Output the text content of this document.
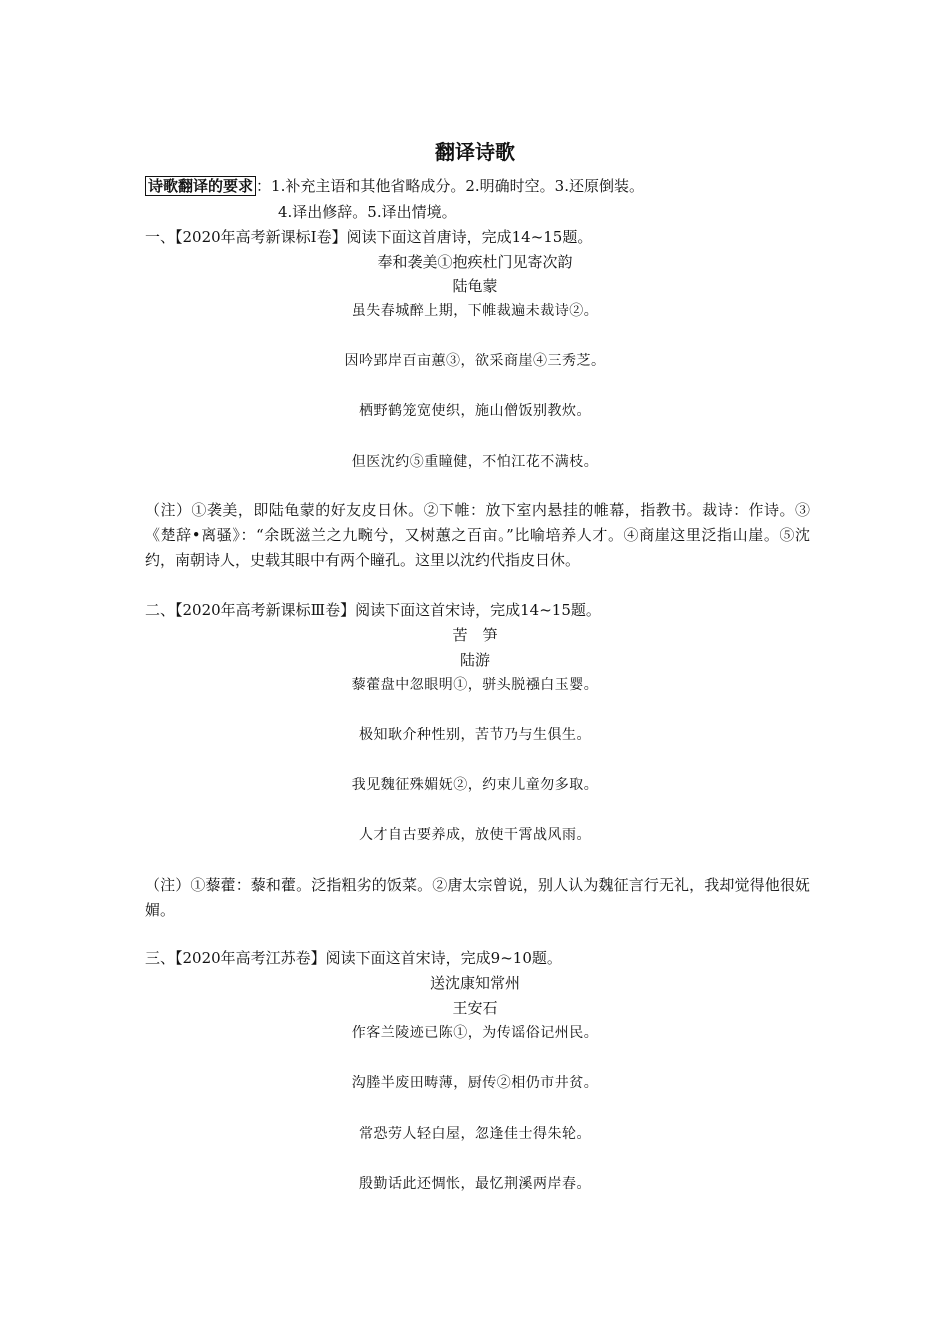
翻译诗歌
诗歌翻译的要求 ：1.补充主语和其他省略成分。2.明确时空。3.还原倒装。
4.译出修辞。5.译出情境。
一、【2020年高考新课标Ⅰ卷】阅读下面这首唐诗，完成14~15题。
奉和袭美①抱疾杜门见寄次韵
陆龟蒙
虽失春城醉上期，下帷裁遍未裁诗②。
因吟郢岸百亩蕙③，欲采商崖④三秀芝。
栖野鹤笼宽使织，施山僧饭别教炊。
但医沈约⑤重瞳健，不怕江花不满枝。
（注）①袭美，即陆龟蒙的好友皮日休。②下帷：放下室内悬挂的帷幕，指教书。裁诗：作诗。③《楚辞•离骚》：“余既滋兰之九畹兮，又树蕙之百亩。”比喻培养人才。④商崖这里泛指山崖。⑤沈约，南朝诗人，史载其眼中有两个瞳孔。这里以沈约代指皮日休。
二、【2020年高考新课标Ⅲ卷】阅读下面这首宋诗，完成14~15题。
苦　笋
陆游
藜藿盘中忽眼明①，骈头脱襁白玉婴。
极知耿介种性别，苦节乃与生俱生。
我见魏征殊媚妩②，约束儿童勿多取。
人才自古要养成，放使干霄战风雨。
（注）①藜藿：藜和藿。泛指粗劣的饭菜。②唐太宗曾说，别人认为魏征言行无礼，我却觉得他很妩媚。
三、【2020年高考江苏卷】阅读下面这首宋诗，完成9~10题。
送沈康知常州
王安石
作客兰陵迹已陈①，为传谣俗记州民。
沟塍半废田畴薄，厨传②相仍市井贫。
常恐劳人轻白屋，忽逢佳士得朱轮。
殷勤话此还惆怅，最忆荆溪两岸春。
